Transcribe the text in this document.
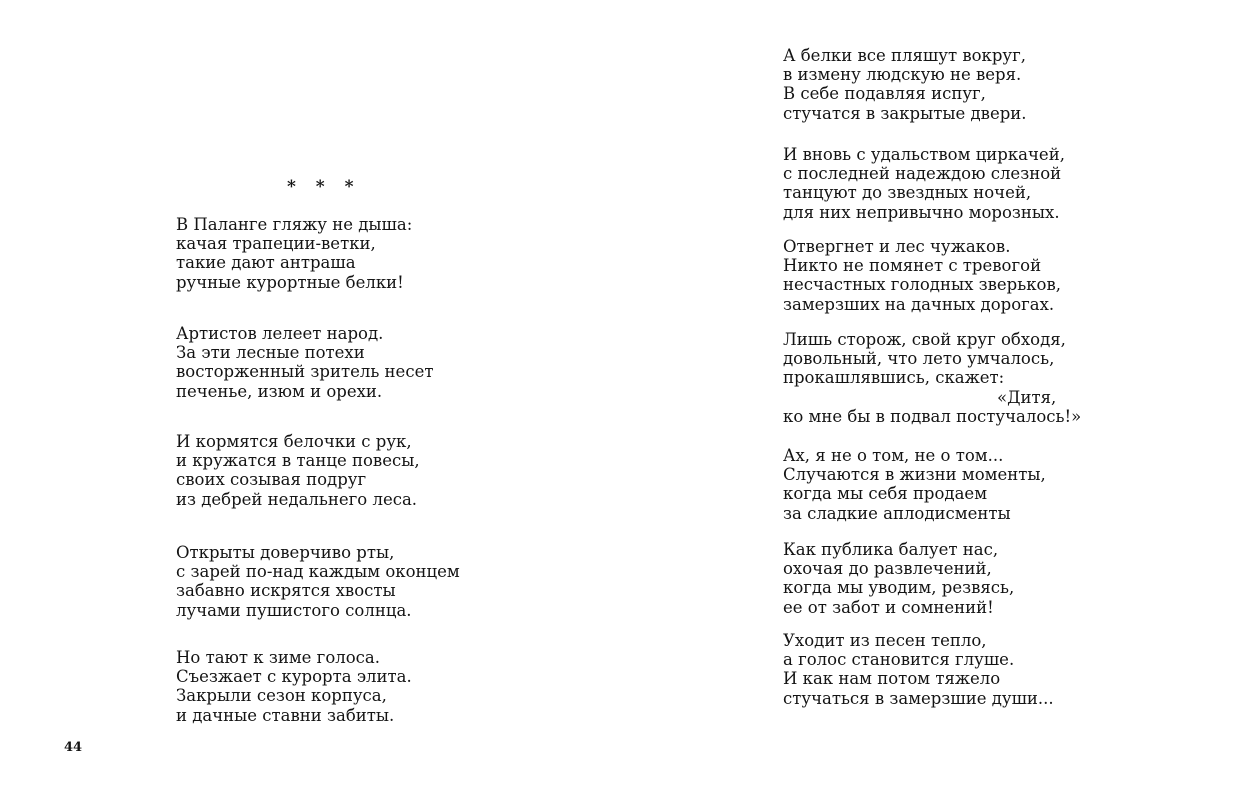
* * *
В Паланге гляжу не дыша:
качая трапеции-ветки,
такие дают антраша
ручные курортные белки!
Артистов лелеет народ.
За эти лесные потехи
восторженный зритель несет
печенье, изюм и орехи.
И кормятся белочки с рук,
и кружатся в танце повесы,
своих созывая подруг
из дебрей недальнего леса.
Открыты доверчиво рты,
с зарей по-над каждым оконцем
забавно искрятся хвосты
лучами пушистого солнца.
Но тают к зиме голоса.
Съезжает с курорта элита.
Закрыли сезон корпуса,
и дачные ставни забиты.
44
А белки все пляшут вокруг,
в измену людскую не веря.
В себе подавляя испуг,
стучатся в закрытые двери.
И вновь с удальством циркачей,
с последней надеждою слезной
танцуют до звездных ночей,
для них непривычно морозных.
Отвергнет и лес чужаков.
Никто не помянет с тревогой
несчастных голодных зверьков,
замерзших на дачных дорогах.
Лишь сторож, свой круг обходя,
довольный, что лето умчалось,
прокашлявшись, скажет:
«Дитя,
ко мне бы в подвал постучалось!»
Ах, я не о том, не о том...
Случаются в жизни моменты,
когда мы себя продаем
за сладкие аплодисменты
Как публика балует нас,
охочая до развлечений,
когда мы уводим, резвясь,
ее от забот и сомнений!
Уходит из песен тепло,
а голос становится глуше.
И как нам потом тяжело
стучаться в замерзшие души...
